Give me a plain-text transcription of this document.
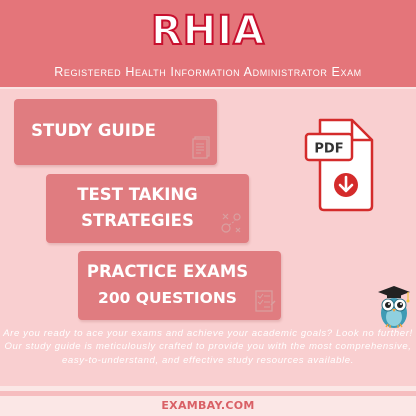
RHIA
Registered Health Information Administrator Exam
STUDY GUIDE
TEST TAKING
STRATEGIES
PRACTICE EXAMS
200 QUESTIONS
PDF
Are you ready to ace your exams and achieve your academic goals? Look no further! Our study guide is meticulously crafted to provide you with the most comprehensive, easy-to-understand, and effective study resources available.
EXAMBAY.COM
